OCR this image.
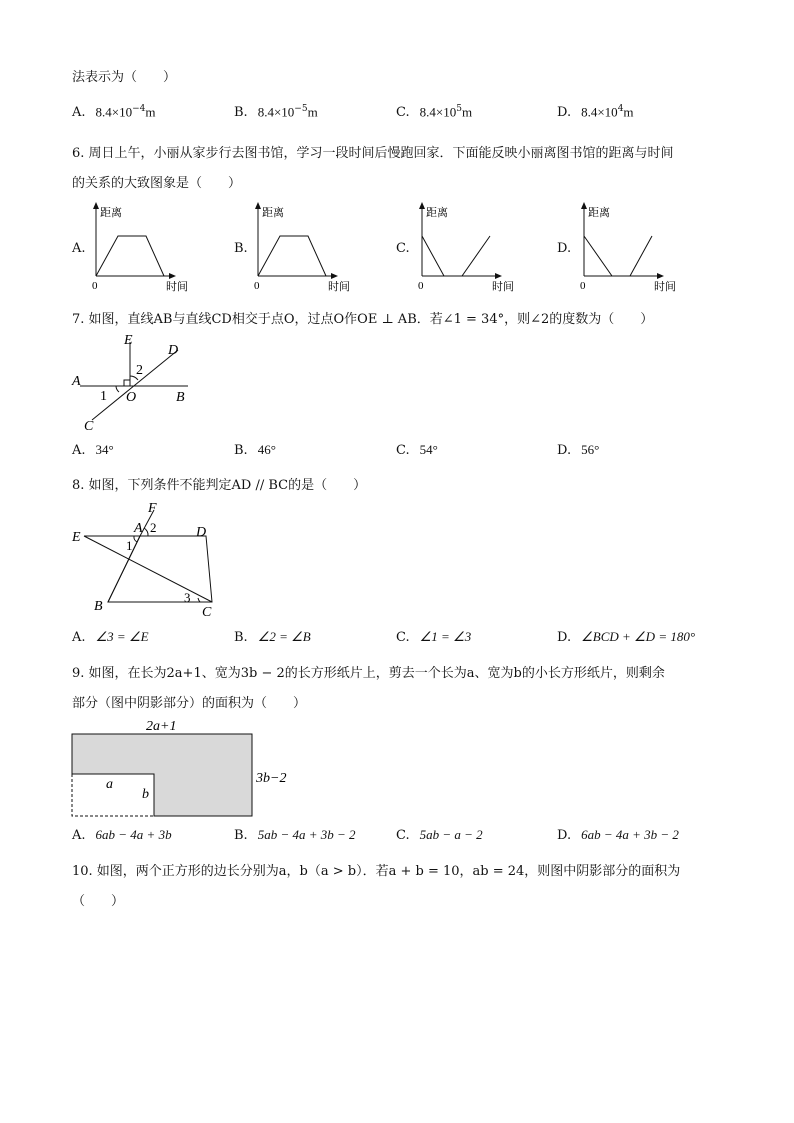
法表示为（　　）
A. $8.4\times 10^{-4}m$	B. $8.4\times 10^{-5}m$	C. $8.4\times 10^5m$	D. $8.4\times 10^4m$
6. 周日上午，小丽从家步行去图书馆，学习一段时间后慢跑回家．下面能反映小丽离图书馆的距离与时间
的关系的大致图象是（　　）
A.
距离
时间
0
B.
距离
时间
0
C.
距离
时间
0
D.
距离
时间
0
7. 如图，直线AB与直线CD相交于点O，过点O作OE ⊥ AB．若∠1 = 34°，则∠2的度数为（　　）
E
2
D
A
1 O	B
C
A. 34°	B. 46°	C. 54°	D. 56°
8. 如图，下列条件不能判定AD // BC的是（　　）
F
A 2	D
E
1
B
3
C
A. ∠3 = ∠E	B. ∠2 = ∠B	C. ∠1 = ∠3	D. ∠BCD + ∠D = 180°
9. 如图，在长为2a+1、宽为3b − 2的长方形纸片上，剪去一个长为a、宽为b的小长方形纸片，则剩余
部分（图中阴影部分）的面积为（　　）
2a+1
3b−2
a
b
A. 6ab − 4a + 3b	B. 5ab − 4a + 3b − 2	C. 5ab − a − 2	D. 6ab − 4a + 3b − 2
10. 如图，两个正方形的边长分别为a，b（a > b）．若a + b = 10，ab = 24，则图中阴影部分的面积为
（　　）
